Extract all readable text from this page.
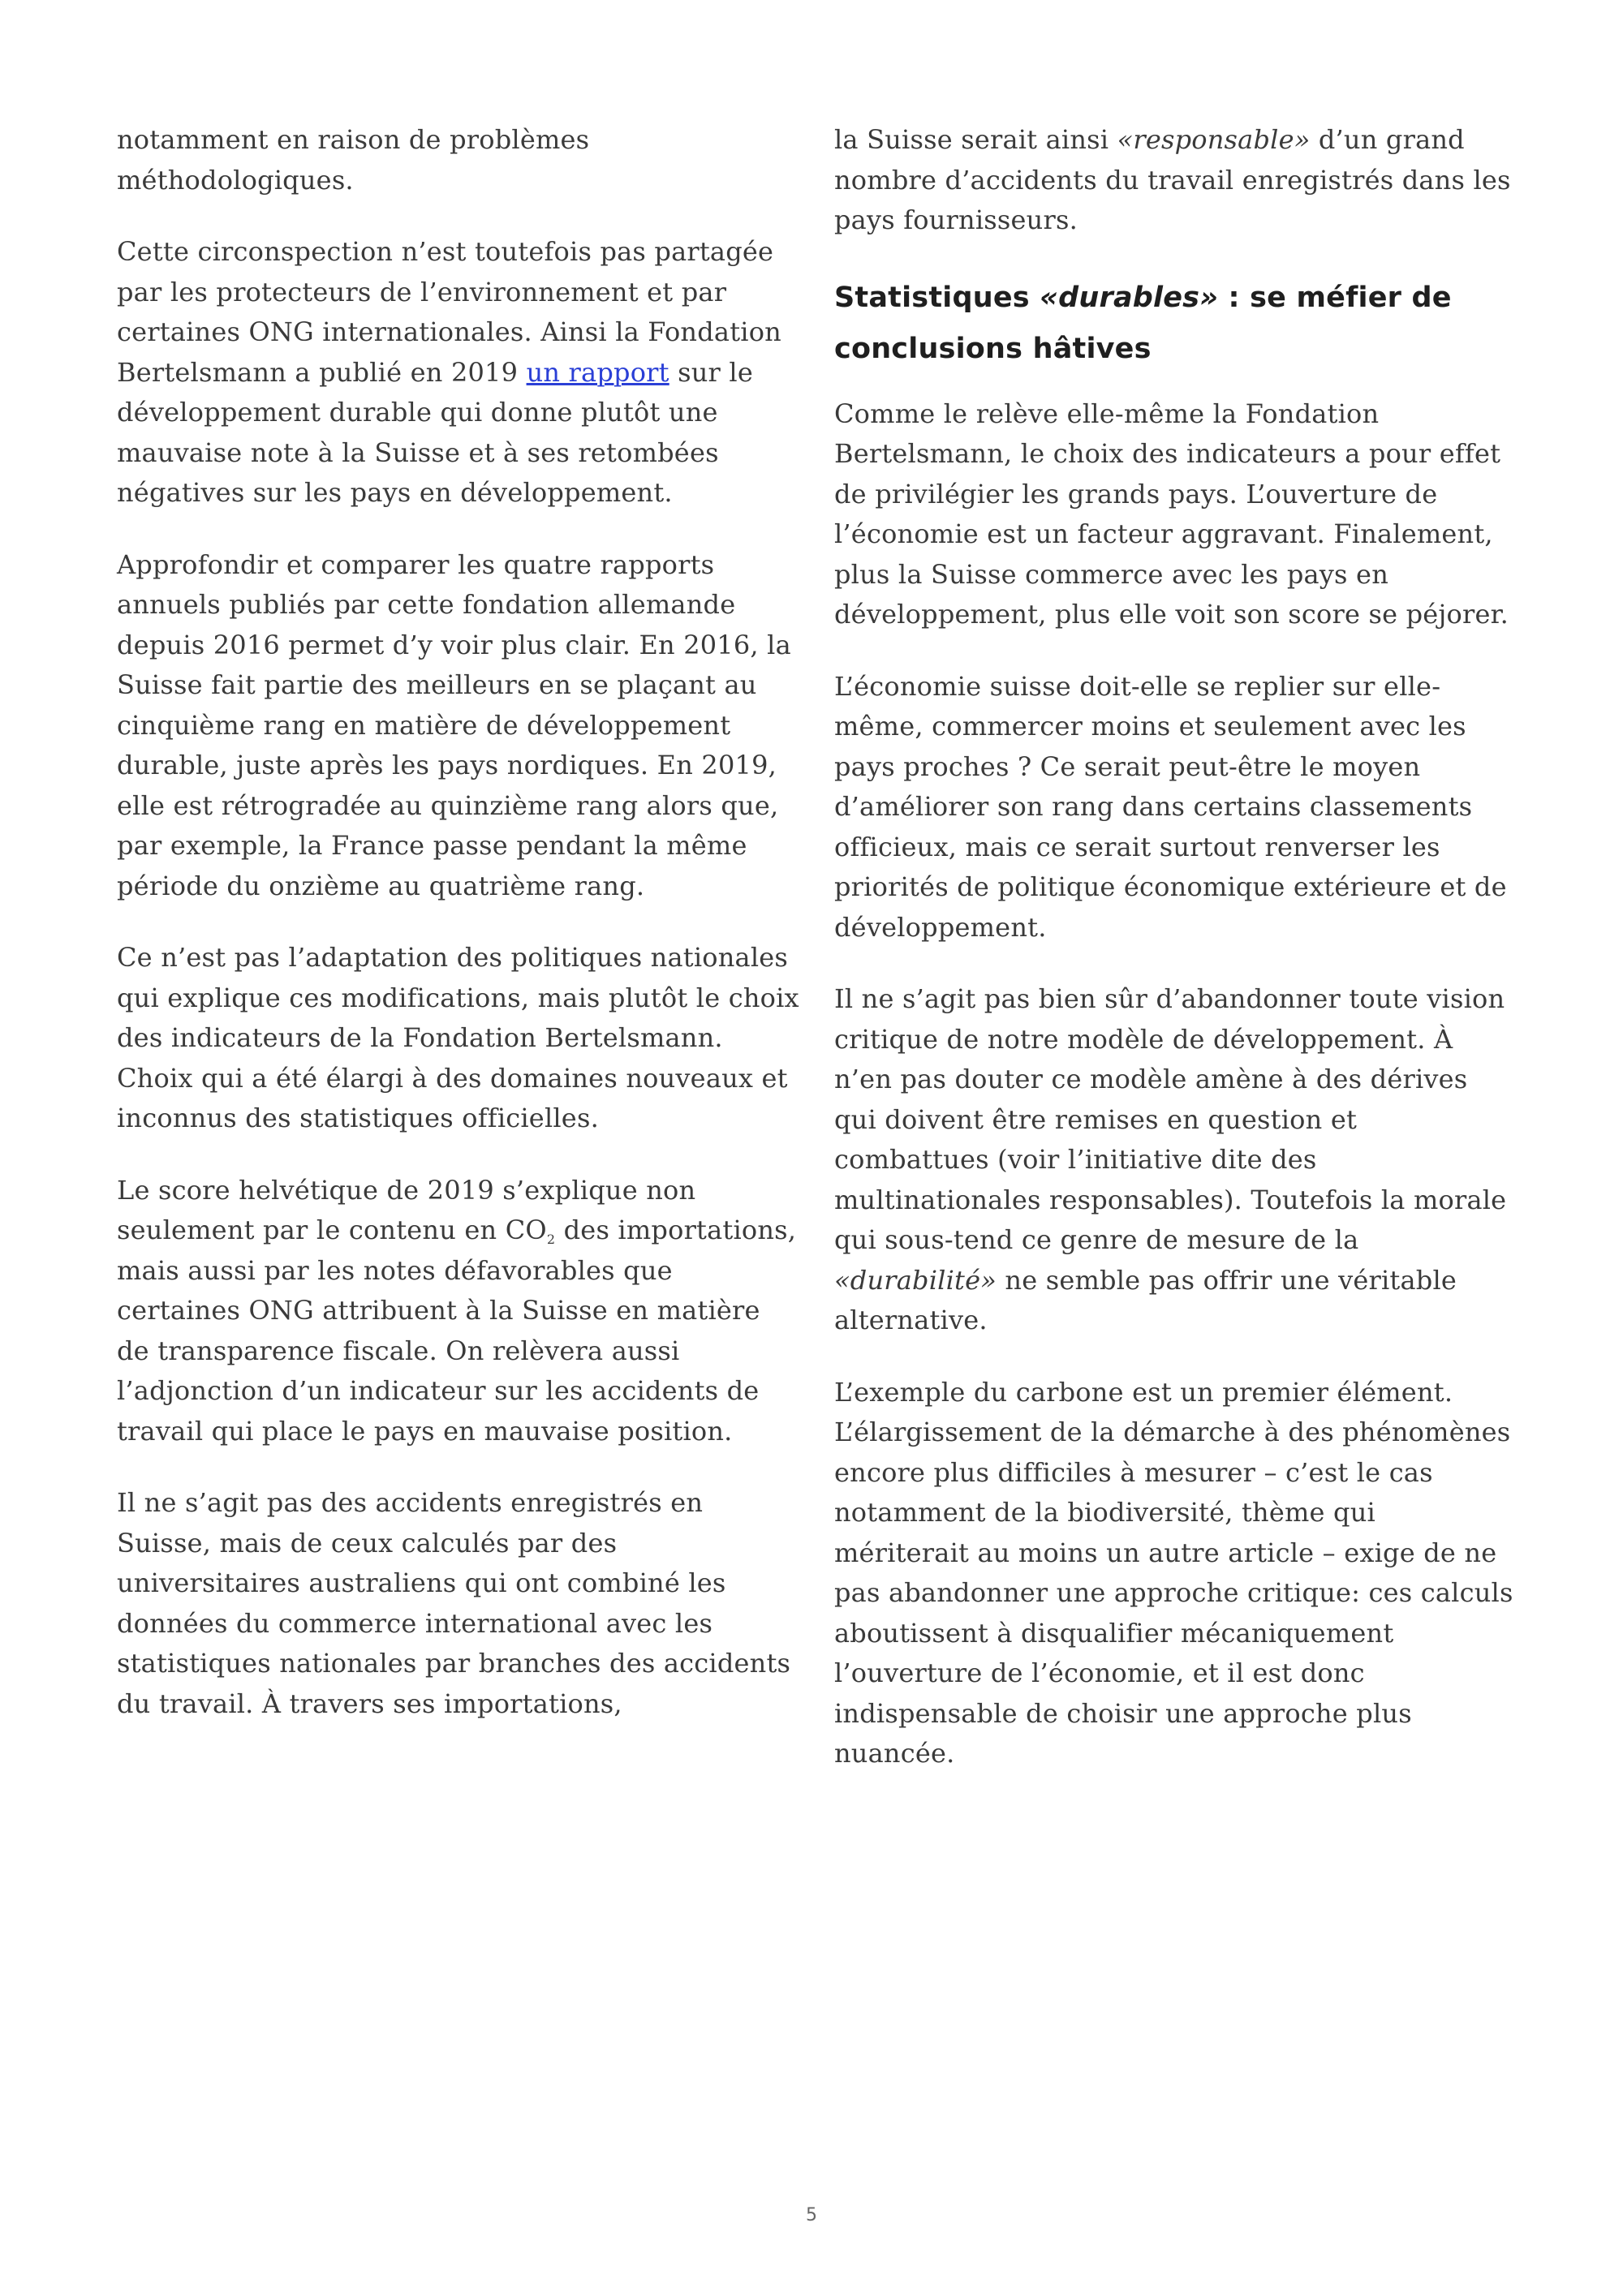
notamment en raison de problèmes méthodologiques.

Cette circonspection n’est toutefois pas partagée par les protecteurs de l’environnement et par certaines ONG internationales. Ainsi la Fondation Bertelsmann a publié en 2019 un rapport sur le développement durable qui donne plutôt une mauvaise note à la Suisse et à ses retombées négatives sur les pays en développement.

Approfondir et comparer les quatre rapports annuels publiés par cette fondation allemande depuis 2016 permet d’y voir plus clair. En 2016, la Suisse fait partie des meilleurs en se plaçant au cinquième rang en matière de développement durable, juste après les pays nordiques. En 2019, elle est rétrogradée au quinzième rang alors que, par exemple, la France passe pendant la même période du onzième au quatrième rang.

Ce n’est pas l’adaptation des politiques nationales qui explique ces modifications, mais plutôt le choix des indicateurs de la Fondation Bertelsmann. Choix qui a été élargi à des domaines nouveaux et inconnus des statistiques officielles.

Le score helvétique de 2019 s’explique non seulement par le contenu en $CO_2$ des importations, mais aussi par les notes défavorables que certaines ONG attribuent à la Suisse en matière de transparence fiscale. On relèvera aussi l’adjonction d’un indicateur sur les accidents de travail qui place le pays en mauvaise position.

Il ne s’agit pas des accidents enregistrés en Suisse, mais de ceux calculés par des universitaires australiens qui ont combiné les données du commerce international avec les statistiques nationales par branches des accidents du travail. À travers ses importations,

la Suisse serait ainsi «responsable» d’un grand nombre d’accidents du travail enregistrés dans les pays fournisseurs.

Statistiques «durables» : se méfier de conclusions hâtives

Comme le relève elle-même la Fondation Bertelsmann, le choix des indicateurs a pour effet de privilégier les grands pays. L’ouverture de l’économie est un facteur aggravant. Finalement, plus la Suisse commerce avec les pays en développement, plus elle voit son score se péjorer.

L’économie suisse doit-elle se replier sur elle-même, commercer moins et seulement avec les pays proches ? Ce serait peut-être le moyen d’améliorer son rang dans certains classements officieux, mais ce serait surtout renverser les priorités de politique économique extérieure et de développement.

Il ne s’agit pas bien sûr d’abandonner toute vision critique de notre modèle de développement. À n’en pas douter ce modèle amène à des dérives qui doivent être remises en question et combattues (voir l’initiative dite des multinationales responsables). Toutefois la morale qui sous-tend ce genre de mesure de la «durabilité» ne semble pas offrir une véritable alternative.

L’exemple du carbone est un premier élément. L’élargissement de la démarche à des phénomènes encore plus difficiles à mesurer – c’est le cas notamment de la biodiversité, thème qui mériterait au moins un autre article – exige de ne pas abandonner une approche critique: ces calculs aboutissent à disqualifier mécaniquement l’ouverture de l’économie, et il est donc indispensable de choisir une approche plus nuancée.

5
